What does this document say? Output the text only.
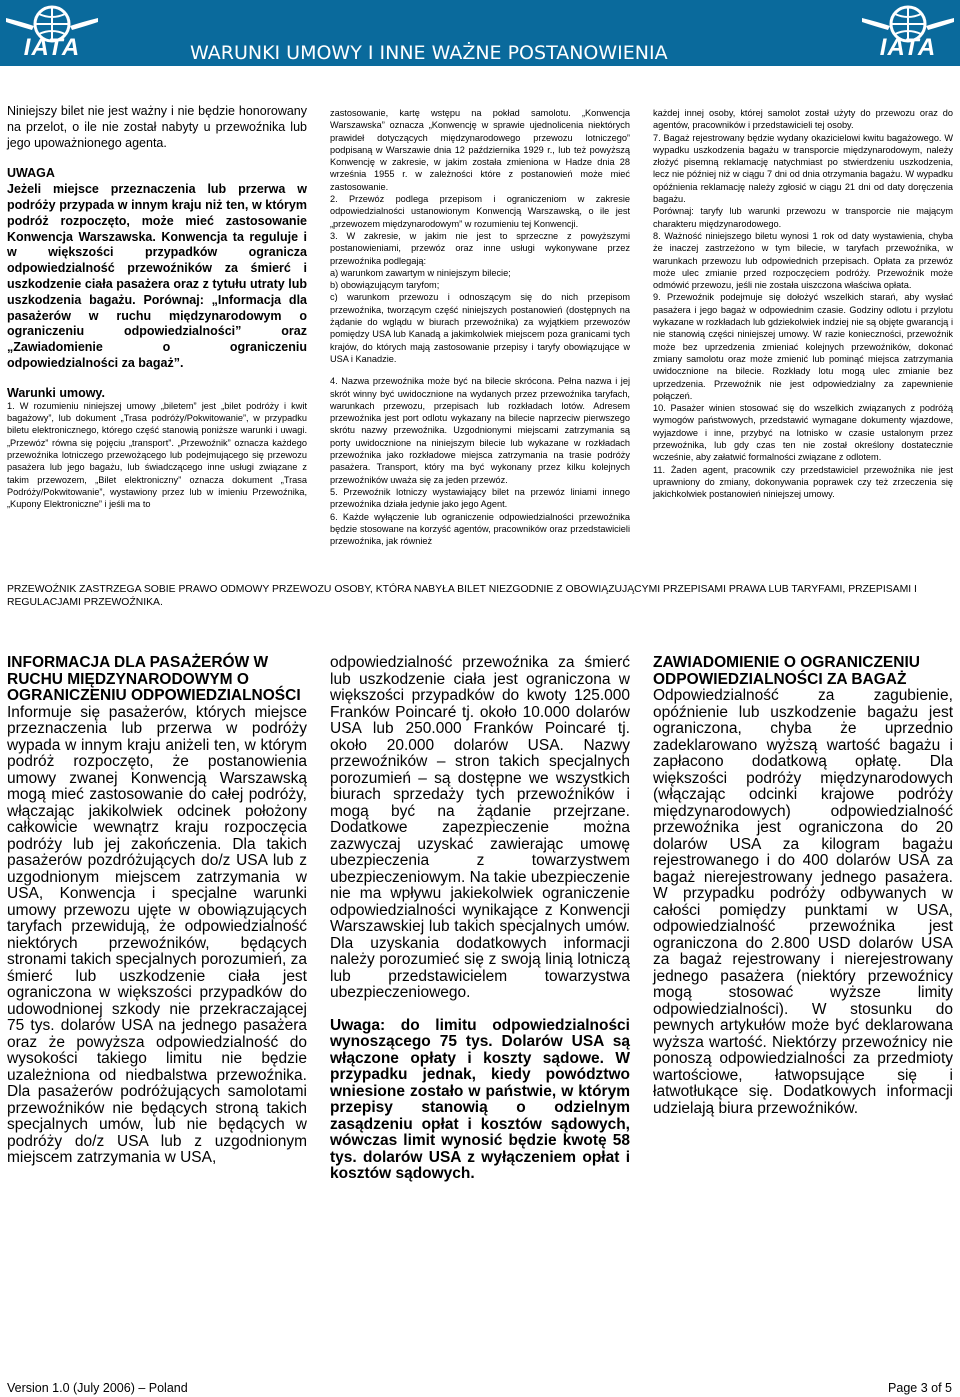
IATA	WARUNKI UMOWY I INNE WAŻNE POSTANOWIENIA	IATA

Niniejszy bilet nie jest ważny i nie będzie honorowany na przelot, o ile nie został nabyty u przewoźnika lub jego upoważnionego agenta.

UWAGA

Jeżeli miejsce przeznaczenia lub przerwa w podróży przypada w innym kraju niż ten, w którym podróż rozpoczęto, może mieć zastosowanie Konwencja Warszawska. Konwencja ta reguluje i w większości przypadków ogranicza odpowiedzialność przewoźników za śmierć i uszkodzenie ciała pasażera oraz z tytułu utraty lub uszkodzenia bagażu. Porównaj: „Informacja dla pasażerów w ruchu międzynarodowym o ograniczeniu odpowiedzialności” oraz „Zawiadomienie o ograniczeniu odpowiedzialności za bagaż”.

Warunki umowy.

1. W rozumieniu niniejszej umowy „biletem” jest „bilet podróży i kwit bagażowy”, lub dokument „Trasa podróży/Pokwitowanie”, w przypadku biletu elektronicznego, którego część stanowią poniższe warunki i uwagi. „Przewóz” równa się pojęciu „transport”. „Przewoźnik” oznacza każdego przewoźnika lotniczego przewożącego lub podejmującego się przewozu pasażera lub jego bagażu, lub świadczącego inne usługi związane z takim przewozem, „Bilet elektroniczny” oznacza dokument „Trasa Podróży/Pokwitowanie”, wystawiony przez lub w imieniu Przewoźnika, „Kupony Elektroniczne” i jeśli ma to

zastosowanie, kartę wstępu na pokład samolotu. „Konwencja Warszawska” oznacza „Konwencję w sprawie ujednolicenia niektórych prawideł dotyczących międzynarodowego przewozu lotniczego” podpisaną w Warszawie dnia 12 października 1929 r., lub też powyższą Konwencję w zakresie, w jakim została zmieniona w Hadze dnia 28 września 1955 r. w zależności które z postanowień może mieć zastosowanie.

2. Przewóz podlega przepisom i ograniczeniom w zakresie odpowiedzialności ustanowionym Konwencją Warszawską, o ile jest „przewozem międzynarodowym” w rozumieniu tej Konwencji.

3. W zakresie, w jakim nie jest to sprzeczne z powyższymi postanowieniami, przewóz oraz inne usługi wykonywane przez przewoźnika podlegają:

a) warunkom zawartym w niniejszym bilecie;

b) obowiązującym taryfom;

c) warunkom przewozu i odnoszącym się do nich przepisom przewoźnika, tworzącym część niniejszych postanowień (dostępnych na żądanie do wglądu w biurach przewoźnika) za wyjątkiem przewozów pomiędzy USA lub Kanadą a jakimkolwiek miejscem poza granicami tych krajów, do których mają zastosowanie przepisy i taryfy obowiązujące w USA i Kanadzie.

4. Nazwa przewoźnika może być na bilecie skrócona. Pełna nazwa i jej skrót winny być uwidocznione na wydanych przez przewoźnika taryfach, warunkach przewozu, przepisach lub rozkładach lotów. Adresem przewoźnika jest port odlotu wykazany na bilecie naprzeciw pierwszego skrótu nazwy przewoźnika. Uzgodnionymi miejscami zatrzymania są porty uwidocznione na niniejszym bilecie lub wykazane w rozkładach przewoźnika jako rozkładowe miejsca zatrzymania na trasie podróży pasażera. Transport, który ma być wykonany przez kilku kolejnych przewoźników uważa się za jeden przewóz.

5. Przewoźnik lotniczy wystawiający bilet na przewóz liniami innego przewoźnika działa jedynie jako jego Agent.

6. Każde wyłączenie lub ograniczenie odpowiedzialności przewoźnika będzie stosowane na korzyść agentów, pracowników oraz przedstawicieli przewoźnika, jak również

każdej innej osoby, której samolot został użyty do przewozu oraz do agentów, pracowników i przedstawicieli tej osoby.

7. Bagaż rejestrowany będzie wydany okazicielowi kwitu bagażowego. W wypadku uszkodzenia bagażu w transporcie międzynarodowym, należy złożyć pisemną reklamację natychmiast po stwierdzeniu uszkodzenia, lecz nie później niż w ciągu 7 dni od dnia otrzymania bagażu. W wypadku opóźnienia reklamację należy zgłosić w ciągu 21 dni od daty doręczenia bagażu.

Porównaj: taryfy lub warunki przewozu w transporcie nie mającym charakteru międzynarodowego.

8. Ważność niniejszego biletu wynosi 1 rok od daty wystawienia, chyba że inaczej zastrzeżono w tym bilecie, w taryfach przewoźnika, w warunkach przewozu lub odpowiednich przepisach. Opłata za przewóz może ulec zmianie przed rozpoczęciem podróży. Przewoźnik może odmówić przewozu, jeśli nie została uiszczona właściwa opłata.

9. Przewoźnik podejmuje się dołożyć wszelkich starań, aby wysłać pasażera i jego bagaż w odpowiednim czasie. Godziny odlotu i przylotu wykazane w rozkładach lub gdziekolwiek indziej nie są objęte gwarancją i nie stanowią części niniejszej umowy. W razie konieczności, przewoźnik może bez uprzedzenia zmieniać kolejnych przewoźników, dokonać zmiany samolotu oraz może zmienić lub pominąć miejsca zatrzymania uwidocznione na bilecie. Rozkłady lotu mogą ulec zmianie bez uprzedzenia. Przewoźnik nie jest odpowiedzialny za zapewnienie połączeń.

10. Pasażer winien stosować się do wszelkich związanych z podróżą wymogów państwowych, przedstawić wymagane dokumenty wjazdowe, wyjazdowe i inne, przybyć na lotnisko w czasie ustalonym przez przewoźnika, lub gdy czas ten nie został określony dostatecznie wcześnie, aby załatwić formalności związane z odlotem.

11. Żaden agent, pracownik czy przedstawiciel przewoźnika nie jest uprawniony do zmiany, dokonywania poprawek czy też zrzeczenia się jakichkolwiek postanowień niniejszej umowy.

PRZEWOŹNIK ZASTRZEGA SOBIE PRAWO ODMOWY PRZEWOZU OSOBY, KTÓRA NABYŁA BILET NIEZGODNIE Z OBOWIĄZUJĄCYMI PRZEPISAMI PRAWA LUB TARYFAMI, PRZEPISAMI I REGULACJAMI PRZEWOŹNIKA.

INFORMACJA DLA PASAŻERÓW W RUCHU MIĘDZYNARODOWYM O OGRANICZENIU ODPOWIEDZIALNOŚCI

Informuje się pasażerów, których miejsce przeznaczenia lub przerwa w podróży wypada w innym kraju aniżeli ten, w którym podróż rozpoczęto, że postanowienia umowy zwanej Konwencją Warszawską mogą mieć zastosowanie do całej podróży, włączając jakikolwiek odcinek położony całkowicie wewnątrz kraju rozpoczęcia podróży lub jej zakończenia. Dla takich pasażerów pozdróżujących do/z USA lub z uzgodnionym miejscem zatrzymania w USA, Konwencja i specjalne warunki umowy przewozu ujęte w obowiązujących taryfach przewidują, że odpowiedzialność niektórych przewoźników, będących stronami takich specjalnych porozumień, za śmierć lub uszkodzenie ciała jest ograniczona w większości przypadków do udowodnionej szkody nie przekraczającej 75 tys. dolarów USA na jednego pasażera oraz że powyższa odpowiedzialność do wysokości takiego limitu nie będzie uzależniona od niedbalstwa przewoźnika. Dla pasażerów podróżujących samolotami przewoźników nie będących stroną takich specjalnych umów, lub nie będących w podróży do/z USA lub z uzgodnionym miejscem zatrzymania w USA,

odpowiedzialność przewoźnika za śmierć lub uszkodzenie ciała jest ograniczona w większości przypadków do kwoty 125.000 Franków Poincaré tj. około 10.000 dolarów USA lub 250.000 Franków Poincaré tj. około 20.000 dolarów USA. Nazwy przewoźników – stron takich specjalnych porozumień – są dostępne we wszystkich biurach sprzedaży tych przewoźników i mogą być na żądanie przejrzane. Dodatkowe zapezpieczenie można zazwyczaj uzyskać zawierając umowę ubezpieczenia z towarzystwem ubezpieczeniowym. Na takie ubezpieczenie nie ma wpływu jakiekolwiek ograniczenie odpowiedzialności wynikające z Konwencji Warszawskiej lub takich specjalnych umów. Dla uzyskania dodatkowych informacji należy porozumieć się z swoją linią lotniczą lub przedstawicielem towarzystwa ubezpieczeniowego.

Uwaga: do limitu odpowiedzialności wynoszącego 75 tys. Dolarów USA są włączone opłaty i koszty sądowe. W przypadku jednak, kiedy powództwo wniesione zostało w państwie, w którym przepisy stanowią o odzielnym zasądzeniu opłat i kosztów sądowych, wówczas limit wynosić będzie kwotę 58 tys. dolarów USA z wyłączeniem opłat i kosztów sądowych.

ZAWIADOMIENIE O OGRANICZENIU ODPOWIEDZIALNOŚCI ZA BAGAŻ

Odpowiedzialność za zagubienie, opóźnienie lub uszkodzenie bagażu jest ograniczona, chyba że uprzednio zadeklarowano wyższą wartość bagażu i zapłacono dodatkową opłatę. Dla większości podróży międzynarodowych (włączając odcinki krajowe podróży międzynarodowych) odpowiedzialność przewoźnika jest ograniczona do 20 dolarów USA za kilogram bagażu rejestrowanego i do 400 dolarów USA za bagaż nierejestrowany jednego pasażera. W przypadku podróży odbywanych w całości pomiędzy punktami w USA, odpowiedzialność przewoźnika jest ograniczona do 2.800 USD dolarów USA za bagaż rejestrowany i nierejestrowany jednego pasażera (niektóry przewoźnicy mogą stosować wyższe limity odpowiedzialności). W stosunku do pewnych artykułów może być deklarowana wyższa wartość. Niektórzy przewoźnicy nie ponoszą odpowiedzialności za przedmioty wartościowe, łatwopsujące się i łatwotłukące się. Dodatkowych informacji udzielają biura przewoźników.

Version 1.0 (July 2006) – Poland	Page 3 of 5
